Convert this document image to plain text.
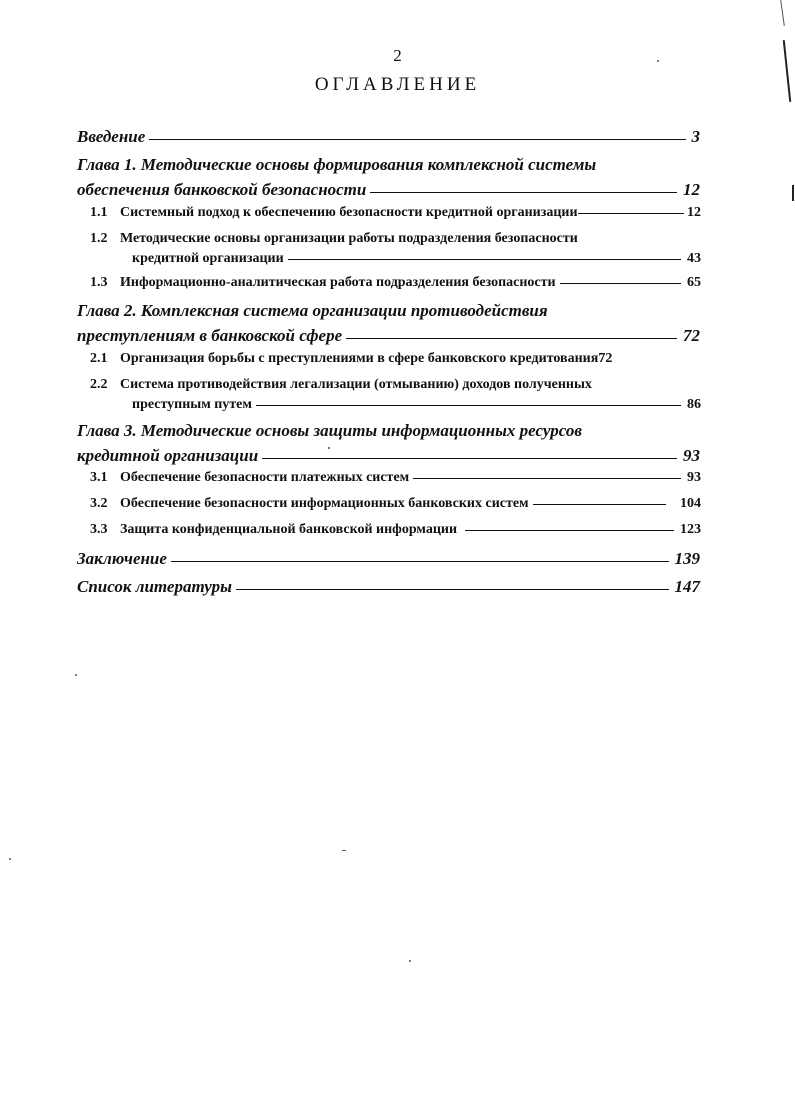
2
ОГЛАВЛЕНИЕ
Введение	3
Глава 1. Методические основы формирования комплексной системы
обеспечения банковской безопасности	12
1.1 Системный подход к обеспечению безопасности кредитной организации	12
1.2 Методические основы организации работы подразделения безопасности
кредитной организации	43
1.3 Информационно-аналитическая работа подразделения безопасности	65
Глава 2. Комплексная система организации противодействия
преступлениям в банковской сфере	72
2.1 Организация борьбы с преступлениями в сфере банковского кредитования 72
2.2 Система противодействия легализации (отмыванию) доходов полученных
преступным путем	86
Глава 3. Методические основы защиты информационных ресурсов
кредитной организации	93
3.1 Обеспечение безопасности платежных систем	93
3.2 Обеспечение безопасности информационных банковских систем	104
3.3 Защита конфиденциальной банковской информации	123
Заключение	139
Список литературы	147
